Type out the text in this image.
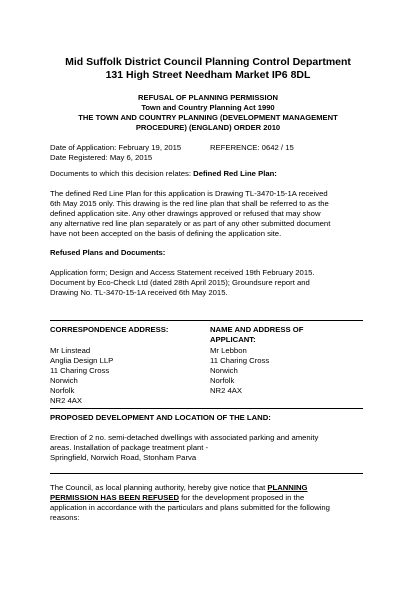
Mid Suffolk District Council Planning Control Department
131 High Street Needham Market IP6 8DL
REFUSAL OF PLANNING PERMISSION
Town and Country Planning Act 1990
THE TOWN AND COUNTRY PLANNING (DEVELOPMENT MANAGEMENT
PROCEDURE) (ENGLAND) ORDER 2010
Date of Application: February 19, 2015	REFERENCE: 0642 / 15
Date Registered: May 6, 2015
Documents to which this decision relates: Defined Red Line Plan:
The defined Red Line Plan for this application is Drawing TL-3470-15-1A received
6th May 2015 only. This drawing is the red line plan that shall be referred to as the
defined application site. Any other drawings approved or refused that may show
any alternative red line plan separately or as part of any other submitted document
have not been accepted on the basis of defining the application site.
Refused Plans and Documents:
Application form; Design and Access Statement received 19th February 2015.
Document by Eco-Check Ltd (dated 28th April 2015); Groundsure report and
Drawing No. TL-3470-15-1A received 6th May 2015.
CORRESPONDENCE ADDRESS:
Mr Linstead
Anglia Design LLP
11 Charing Cross
Norwich
Norfolk
NR2 4AX
NAME AND ADDRESS OF
APPLICANT:
Mr Lebbon
11 Charing Cross
Norwich
Norfolk
NR2 4AX
PROPOSED DEVELOPMENT AND LOCATION OF THE LAND:
Erection of 2 no. semi-detached dwellings with associated parking and amenity
areas. Installation of package treatment plant -
Springfield, Norwich Road, Stonham Parva
The Council, as local planning authority, hereby give notice that PLANNING
PERMISSION HAS BEEN REFUSED for the development proposed in the
application in accordance with the particulars and plans submitted for the following
reasons:
